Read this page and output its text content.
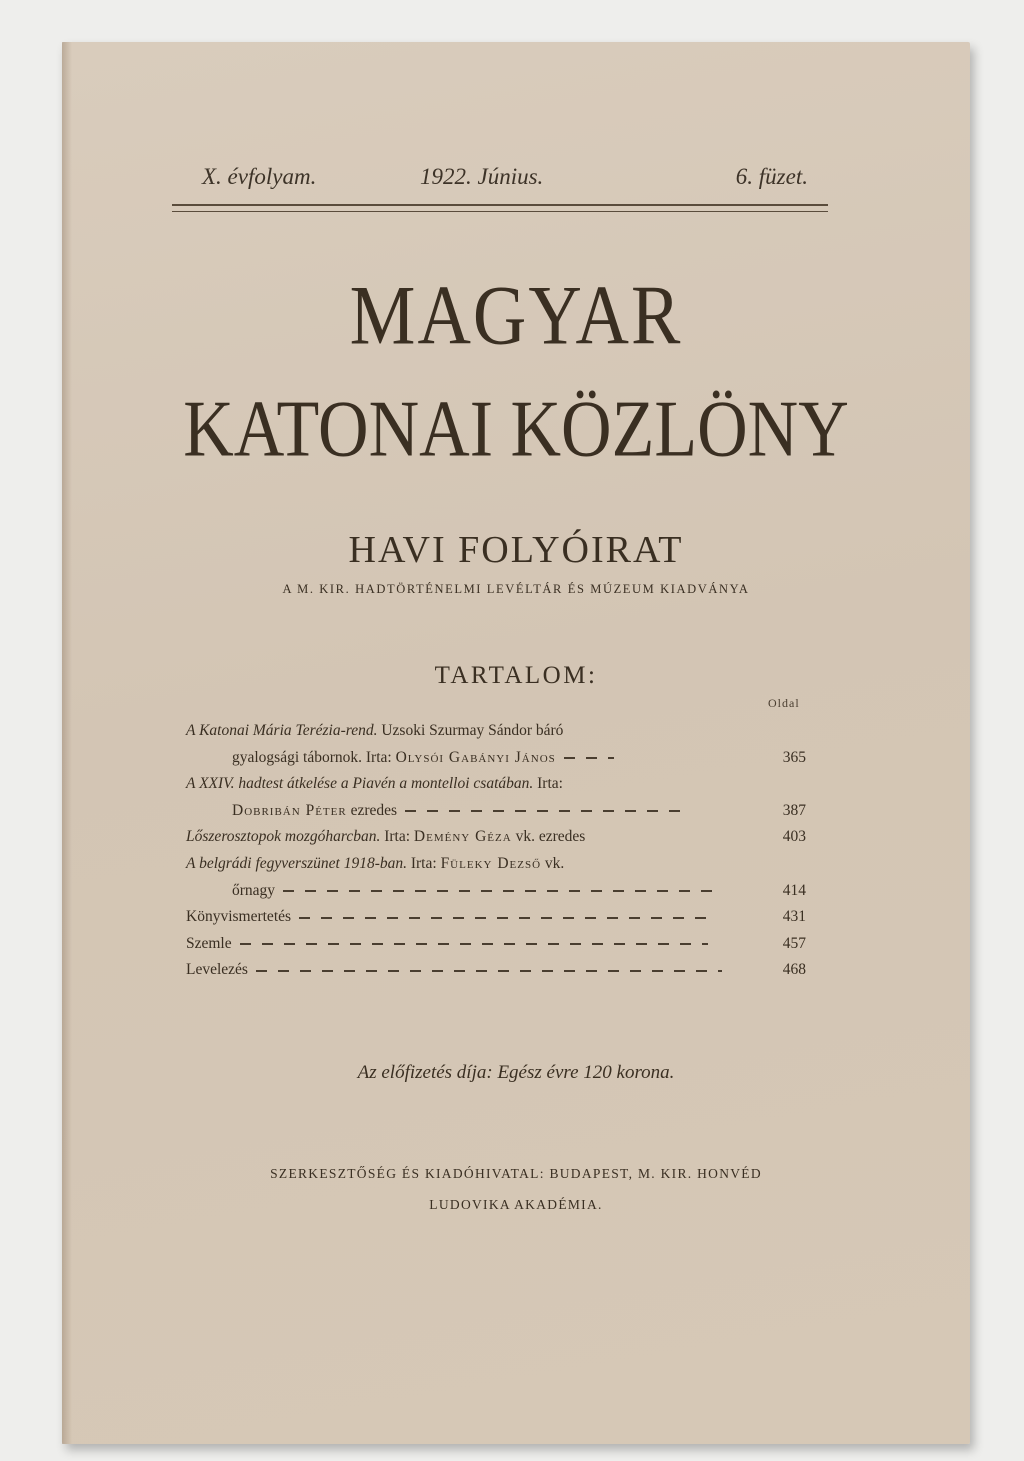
X. évfolyam.	1922. Június.	6. füzet.
MAGYAR
KATONAI KÖZLÖNY
HAVI FOLYÓIRAT
A M. KIR. HADTÖRTÉNELMI LEVÉLTÁR ÉS MÚZEUM KIADVÁNYA
TARTALOM:
Oldal
A Katonai Mária Terézia-rend. Uzsoki Szurmay Sándor báró
gyalogsági tábornok. Irta: Olysói Gabányi János	365
A XXIV. hadtest átkelése a Piavén a montelloi csatában. Irta:
Dobribán Péter ezredes	387
Lőszerosztopok mozgóharcban. Irta: Demény Géza vk. ezredes	403
A belgrádi fegyverszünet 1918-ban. Irta: Füleky Dezső vk.
őrnagy	414
Könyvismertetés	431
Szemle	457
Levelezés	468
Az előfizetés díja: Egész évre 120 korona.
SZERKESZTŐSÉG ÉS KIADÓHIVATAL: BUDAPEST, M. KIR. HONVÉD
LUDOVIKA AKADÉMIA.
